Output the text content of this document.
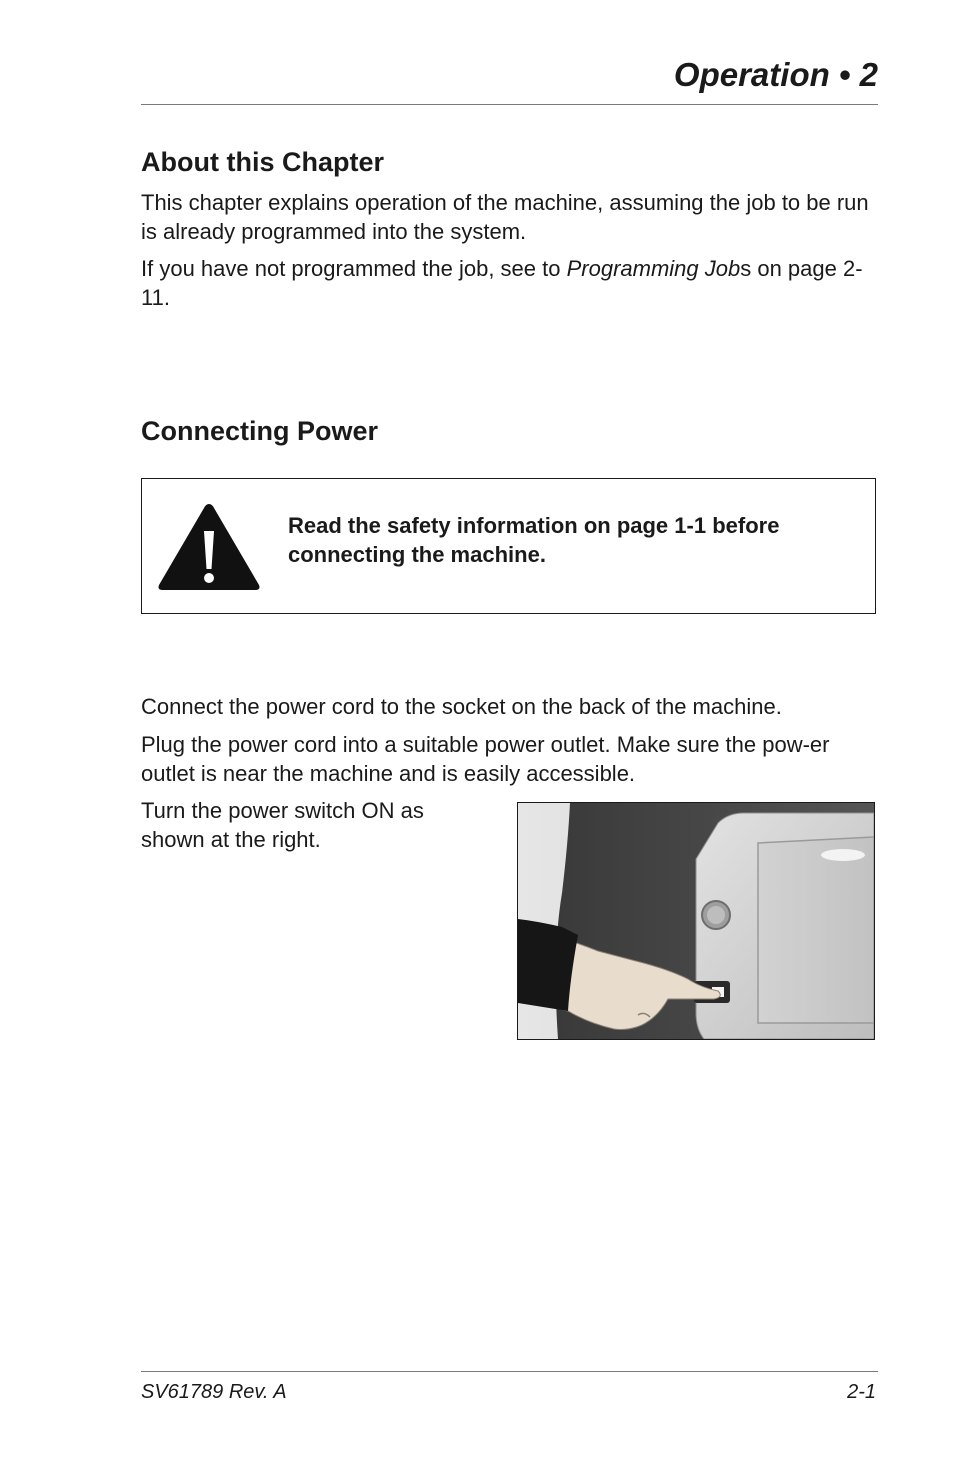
Operation • 2
About this Chapter

This chapter explains operation of the machine, assuming the job to be run is already programmed into the system.

If you have not programmed the job, see to Programming Jobs on page 2-11.

Connecting Power
Read the safety information on page 1-1 before connecting the machine.

Connect the power cord to the socket on the back of the machine.

Plug the power cord into a suitable power outlet. Make sure the pow-er outlet is near the machine and is easily accessible.

Turn the power switch ON as shown at the right.

SV61789 Rev. A	2-1
